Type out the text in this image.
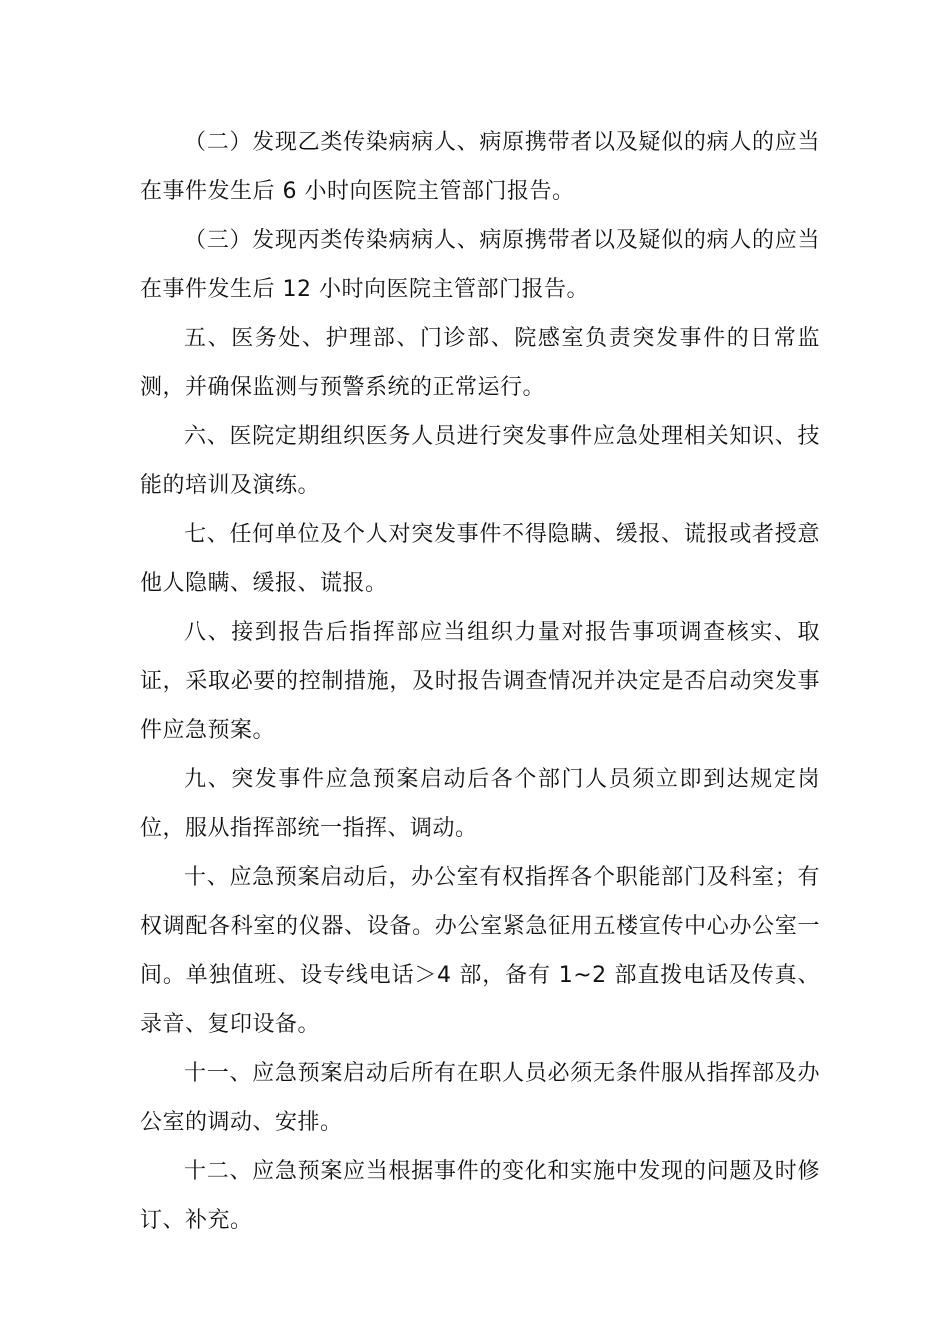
（二）发现乙类传染病病人、病原携带者以及疑似的病人的应当在事件发生后 6 小时向医院主管部门报告。

（三）发现丙类传染病病人、病原携带者以及疑似的病人的应当在事件发生后 12 小时向医院主管部门报告。

五、医务处、护理部、门诊部、院感室负责突发事件的日常监测，并确保监测与预警系统的正常运行。

六、医院定期组织医务人员进行突发事件应急处理相关知识、技能的培训及演练。

七、任何单位及个人对突发事件不得隐瞒、缓报、谎报或者授意他人隐瞒、缓报、谎报。

八、接到报告后指挥部应当组织力量对报告事项调查核实、取证，采取必要的控制措施，及时报告调查情况并决定是否启动突发事件应急预案。

九、突发事件应急预案启动后各个部门人员须立即到达规定岗位，服从指挥部统一指挥、调动。

十、应急预案启动后，办公室有权指挥各个职能部门及科室；有权调配各科室的仪器、设备。办公室紧急征用五楼宣传中心办公室一间。单独值班、设专线电话＞4 部，备有 1~2 部直拨电话及传真、录音、复印设备。

十一、应急预案启动后所有在职人员必须无条件服从指挥部及办公室的调动、安排。

十二、应急预案应当根据事件的变化和实施中发现的问题及时修订、补充。
